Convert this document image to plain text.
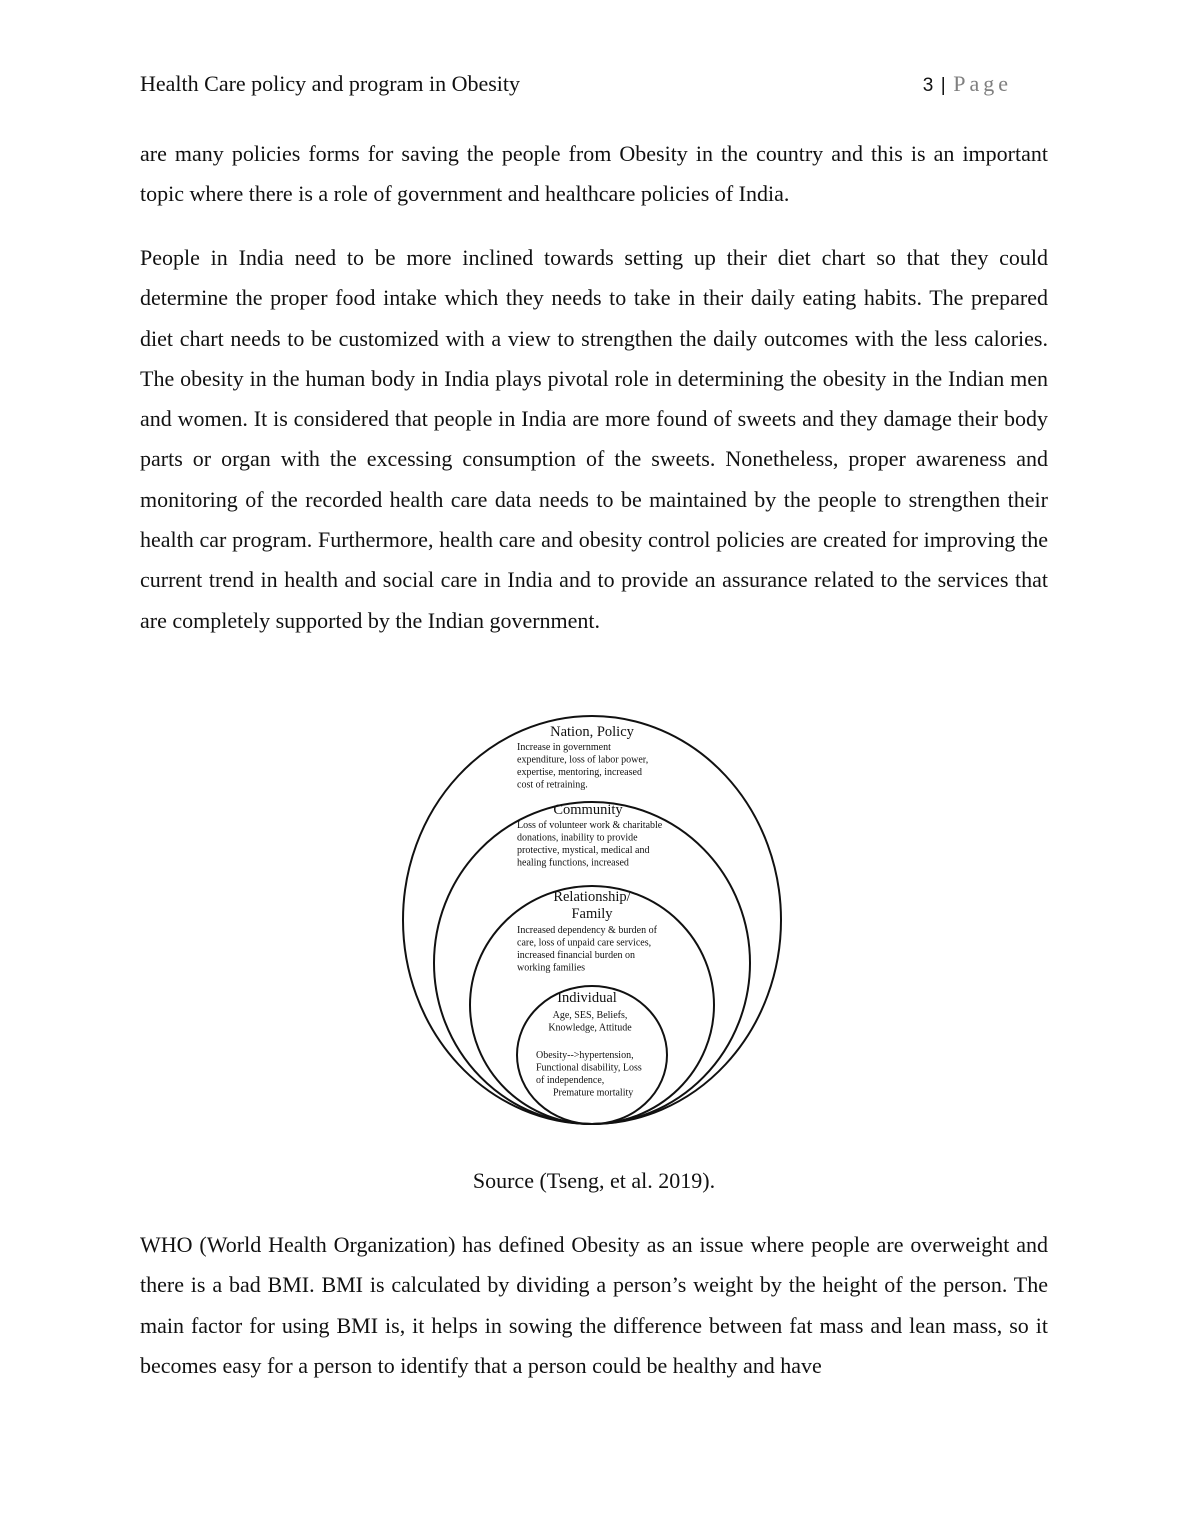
Health Care policy and program in Obesity	3 | Page

are many policies forms for saving the people from Obesity in the country and this is an important topic where there is a role of government and healthcare policies of India.

People in India need to be more inclined towards setting up their diet chart so that they could determine the proper food intake which they needs to take in their daily eating habits. The prepared diet chart needs to be customized with a view to strengthen the daily outcomes with the less calories. The obesity in the human body in India plays pivotal role in determining the obesity in the Indian men and women. It is considered that people in India are more found of sweets and they damage their body parts or organ with the excessing consumption of the sweets. Nonetheless, proper awareness and monitoring of the recorded health care data needs to be maintained by the people to strengthen their health car program. Furthermore, health care and obesity control policies are created for improving the current trend in health and social care in India and to provide an assurance related to the services that are completely supported by the Indian government.

Nation, Policy
Increase in government
expenditure, loss of labor power,
expertise, mentoring, increased
cost of retraining.
Community
Loss of volunteer work & charitable
donations, inability to provide
protective, mystical, medical and
healing functions, increased
Relationship/
Family
Increased dependency & burden of
care, loss of unpaid care services,
increased financial burden on
working families
Individual
Age, SES, Beliefs,
Knowledge, Attitude
Obesity-->hypertension,
Functional disability, Loss
of independence,
Premature mortality
Source (Tseng, et al. 2019).

WHO (World Health Organization) has defined Obesity as an issue where people are overweight and there is a bad BMI. BMI is calculated by dividing a person’s weight by the height of the person. The main factor for using BMI is, it helps in sowing the difference between fat mass and lean mass, so it becomes easy for a person to identify that a person could be healthy and have
